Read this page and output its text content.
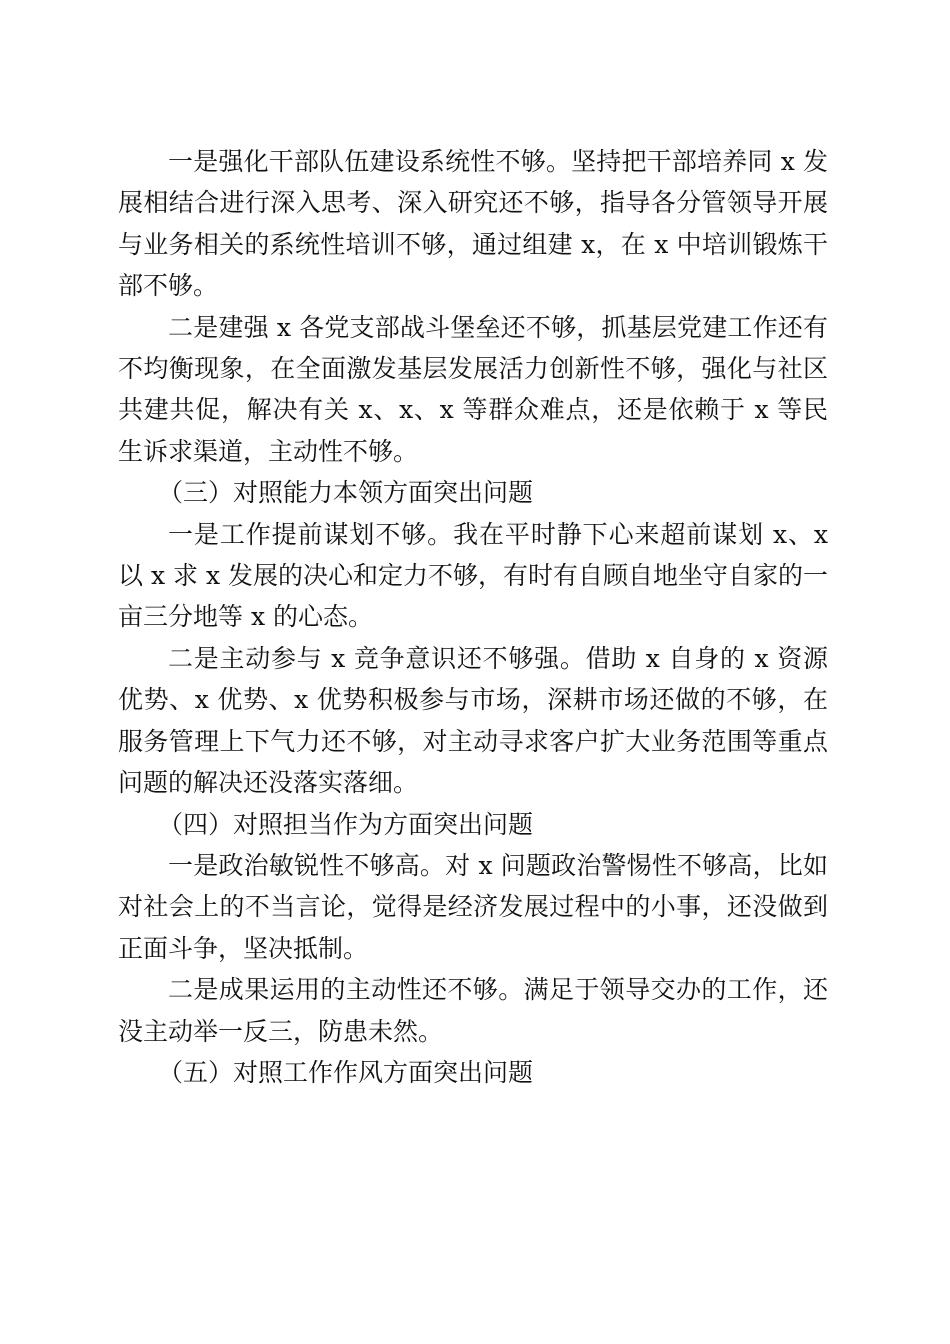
一是强化干部队伍建设系统性不够。坚持把干部培养同 x 发展相结合进行深入思考、深入研究还不够，指导各分管领导开展与业务相关的系统性培训不够，通过组建 x，在 x 中培训锻炼干部不够。

二是建强 x 各党支部战斗堡垒还不够，抓基层党建工作还有不均衡现象，在全面激发基层发展活力创新性不够，强化与社区共建共促，解决有关 x、x、x 等群众难点，还是依赖于 x 等民生诉求渠道，主动性不够。

（三）对照能力本领方面突出问题

一是工作提前谋划不够。我在平时静下心来超前谋划 x、x 以 x 求 x 发展的决心和定力不够，有时有自顾自地坐守自家的一亩三分地等 x 的心态。

二是主动参与 x 竞争意识还不够强。借助 x 自身的 x 资源优势、x 优势、x 优势积极参与市场，深耕市场还做的不够，在服务管理上下气力还不够，对主动寻求客户扩大业务范围等重点问题的解决还没落实落细。

（四）对照担当作为方面突出问题

一是政治敏锐性不够高。对 x 问题政治警惕性不够高，比如对社会上的不当言论，觉得是经济发展过程中的小事，还没做到正面斗争，坚决抵制。

二是成果运用的主动性还不够。满足于领导交办的工作，还没主动举一反三，防患未然。

（五）对照工作作风方面突出问题
